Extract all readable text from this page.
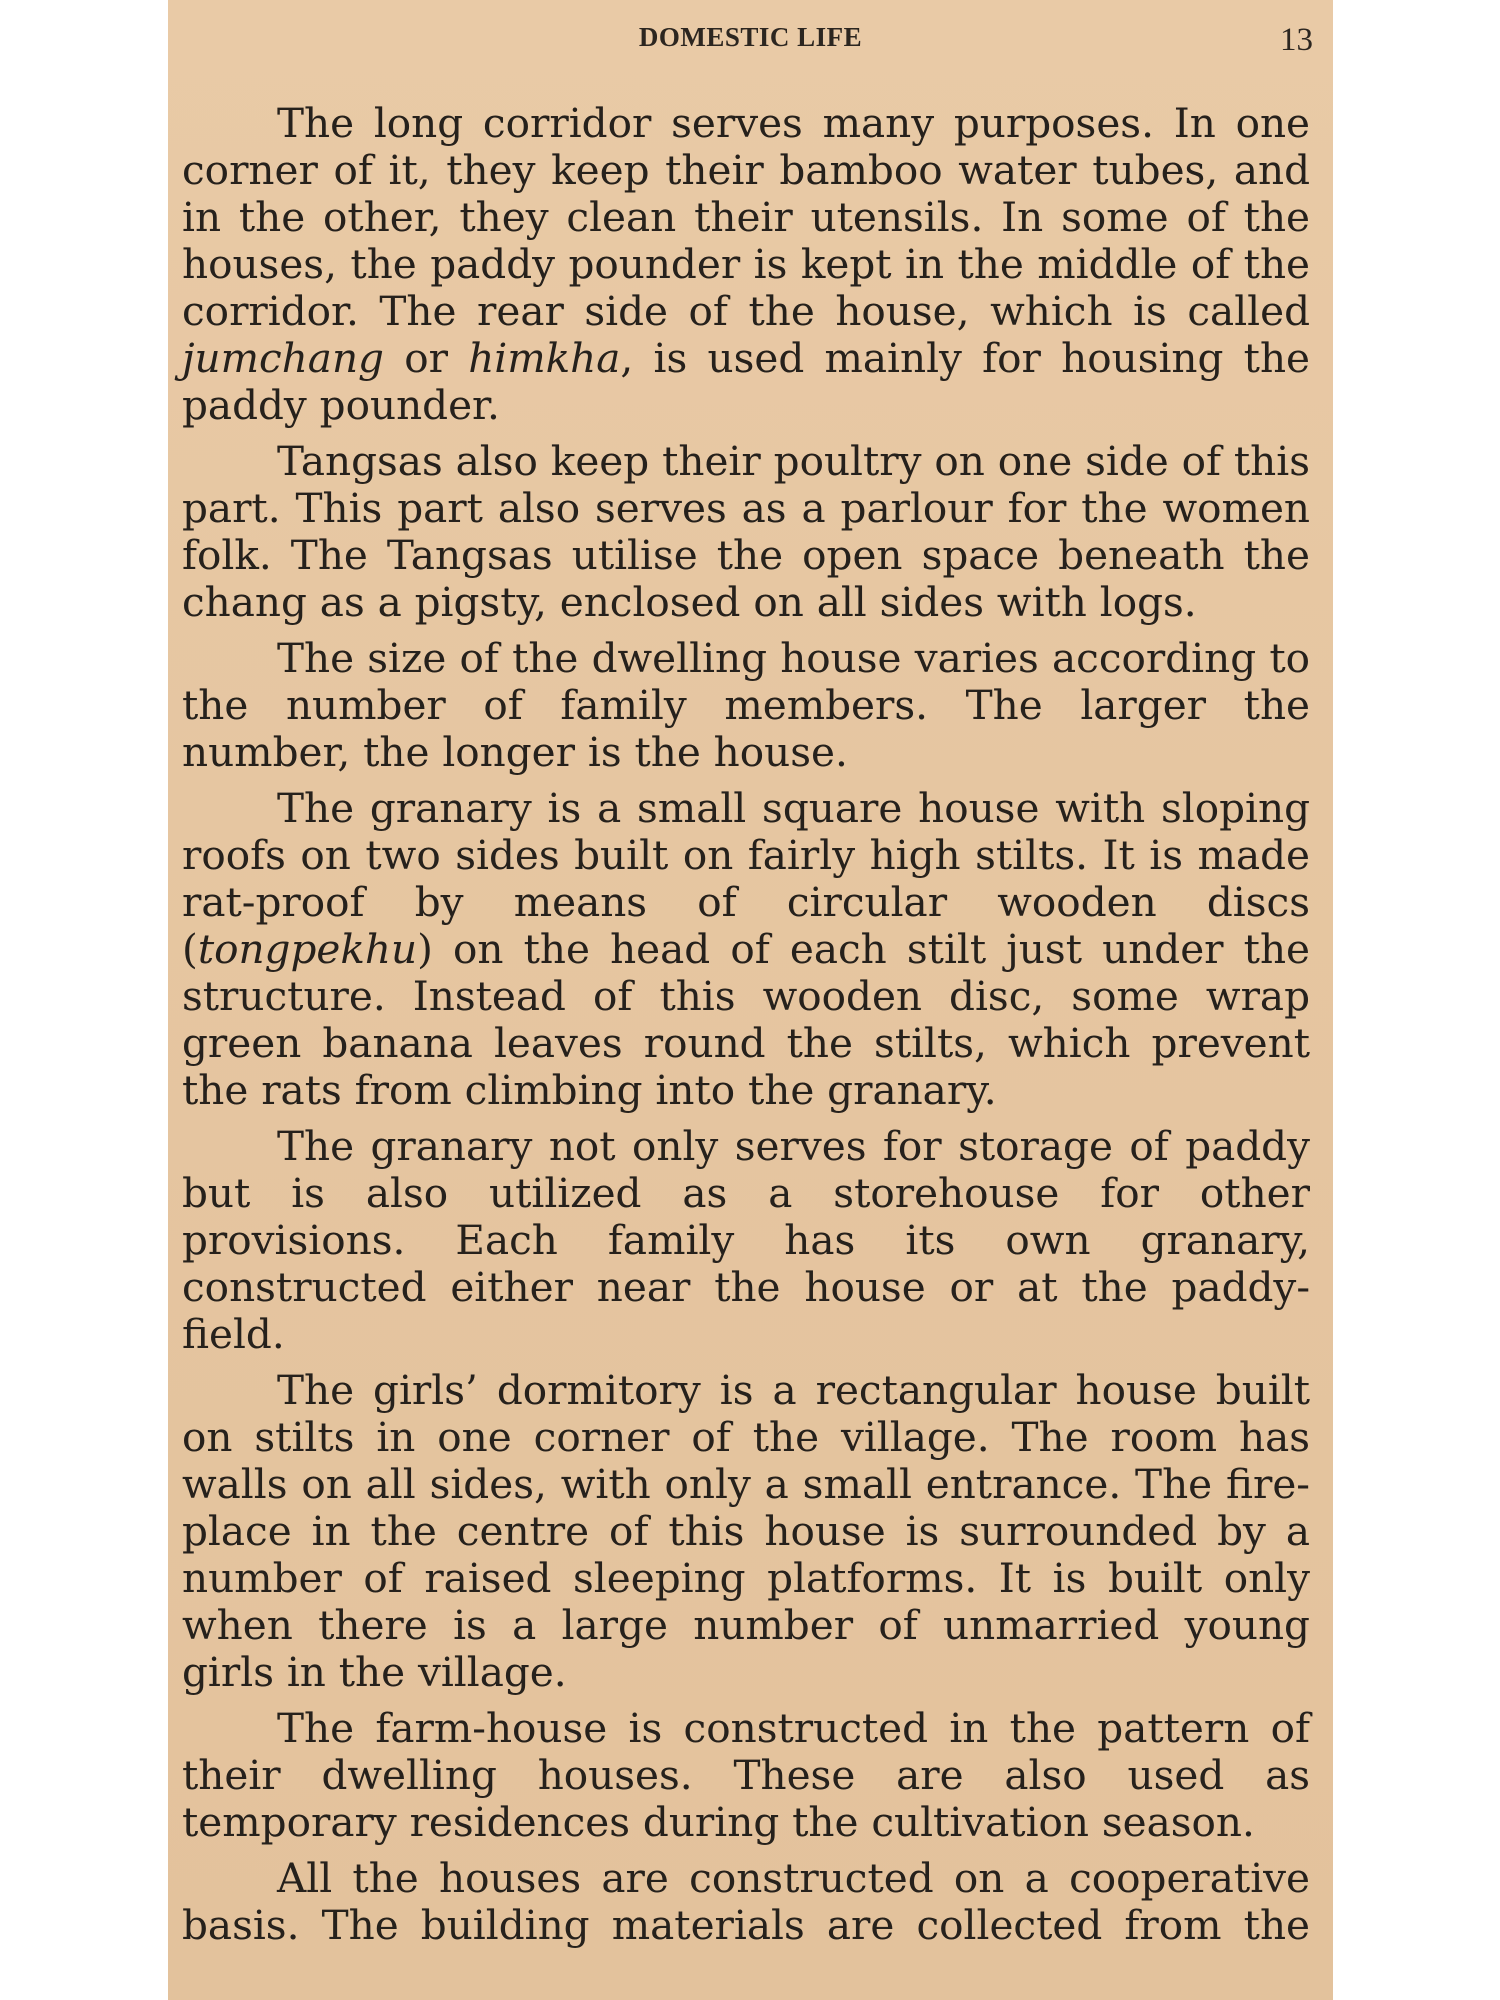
DOMESTIC LIFE	13

The long corridor serves many purposes. In one corner of it, they keep their bamboo water tubes, and in the other, they clean their utensils. In some of the houses, the paddy pounder is kept in the middle of the corridor. The rear side of the house, which is called jumchang or himkha, is used mainly for housing the paddy pounder.

Tangsas also keep their poultry on one side of this part. This part also serves as a parlour for the women folk. The Tangsas utilise the open space beneath the chang as a pigsty, enclosed on all sides with logs.

The size of the dwelling house varies according to the number of family members. The larger the number, the longer is the house.

The granary is a small square house with sloping roofs on two sides built on fairly high stilts. It is made rat-proof by means of circular wooden discs (tongpekhu) on the head of each stilt just under the structure. Instead of this wooden disc, some wrap green banana leaves round the stilts, which prevent the rats from climbing into the granary.

The granary not only serves for storage of paddy but is also utilized as a storehouse for other provisions. Each family has its own granary, constructed either near the house or at the paddy-field.

The girls’ dormitory is a rectangular house built on stilts in one corner of the village. The room has walls on all sides, with only a small entrance. The fire-place in the centre of this house is surrounded by a number of raised sleeping platforms. It is built only when there is a large number of unmarried young girls in the village.

The farm-house is constructed in the pattern of their dwelling houses. These are also used as temporary residences during the cultivation season.

All the houses are constructed on a cooperative basis. The building materials are collected from the
